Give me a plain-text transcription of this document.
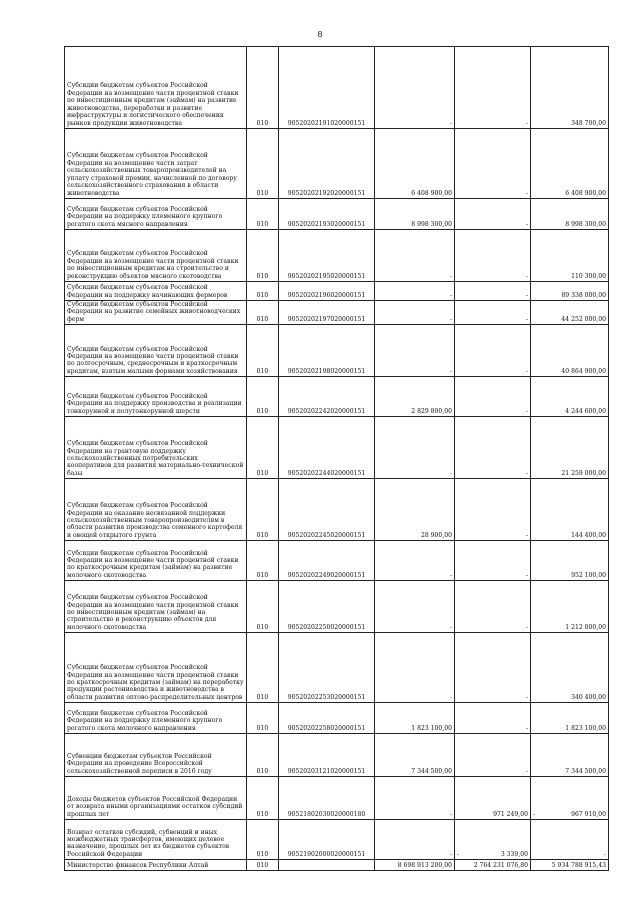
8
Субсидии бюджетам субъектов Российской Федерации на возмещение части процентной ставки по инвестиционным кредитам (займам) на развитие животноводства, переработки и развитие инфраструктуры и логистического обеспечения рынков продукции животноводства	010	90520202191020000151	-	-	348 700,00
Субсидии бюджетам субъектов Российской Федерации на возмещение части затрат сельскохозяйственных товаропроизводителей на уплату страховой премии, начисленной по договору сельскохозяйственного страхования в области животноводства	010	90520202192020000151	6 408 900,00	-	6 408 900,00
Субсидии бюджетам субъектов Российской Федерации на поддержку племенного крупного рогатого скота мясного направления	010	90520202193020000151	8 998 300,00	-	8 998 300,00
Субсидии бюджетам субъектов Российской Федерации на возмещение части процентной ставки по инвестиционным кредитам на строительство и реконструкцию объектов мясного скотоводства	010	90520202195020000151	-	-	110 300,00
Субсидии бюджетам субъектов Российской Федерации на поддержку начинающих фермеров	010	90520202196020000151	-	-	89 338 000,00
Субсидии бюджетам субъектов Российской Федерации на развитие семейных животноводческих ферм	010	90520202197020000151	-	-	44 252 000,00
Субсидии бюджетам субъектов Российской Федерации на возмещение части процентной ставки по долгосрочным, среднесрочным и краткосрочным кредитам, взятым малыми формами хозяйствования	010	90520202198020000151	-	-	40 864 900,00
Субсидии бюджетам субъектов Российской Федерации на поддержку производства и реализации тонкорунной и полутонкорунной шерсти	010	90520202242020000151	2 829 800,00	-	4 244 600,00
Субсидии бюджетам субъектов Российской Федерации на грантовую поддержку сельскохозяйственных потребительских кооперативов для развития материально-технической базы	010	90520202244020000151	-	-	21 259 000,00
Субсидии бюджетам субъектов Российской Федерации на оказание несвязанной поддержки сельскохозяйственным товаропроизводителям в области развития производства семенного картофеля и овощей открытого грунта	010	90520202245020000151	28 900,00	-	144 400,00
Субсидии бюджетам субъектов Российской Федерации на возмещение части процентной ставки по краткосрочным кредитам (займам) на развитие молочного скотоводства	010	90520202249020000151	-	-	952 100,00
Субсидии бюджетам субъектов Российской Федерации на возмещение части процентной ставки по инвестиционным кредитам (займам) на строительство и реконструкцию объектов для молочного скотоводства	010	90520202250020000151	-	-	1 212 000,00
Субсидии бюджетам субъектов Российской Федерации на возмещение части процентной ставки по краткосрочным кредитам (займам) на переработку продукции растениеводства и животноводства в области развития оптово-распределительных центров	010	90520202253020000151	-	-	340 400,00
Субсидии бюджетам субъектов Российской Федерации на поддержку племенного крупного рогатого скота молочного направления	010	90520202258020000151	1 823 100,00	-	1 823 100,00
Субвенции бюджетам субъектов Российской Федерации на проведение Всероссийской сельскохозяйственной переписи в 2016 году	010	90520203121020000151	7 344 500,00	-	7 344 500,00
Доходы бюджетов субъектов Российской Федерации от возврата иными организациями остатков субсидий прошлых лет	010	90521802030020000180	-	971 249,00	- 967 910,00
Возврат остатков субсидий, субвенций и иных межбюджетных трансфертов, имеющих целевое назначение, прошлых лет из бюджетов субъектов Российской Федерации	010	90521902000020000151	-	- 3 339,00	-
Министерство финансов Республики Алтай	010		8 698 913 200,00	2 764 231 076,80	5 934 788 915,43
